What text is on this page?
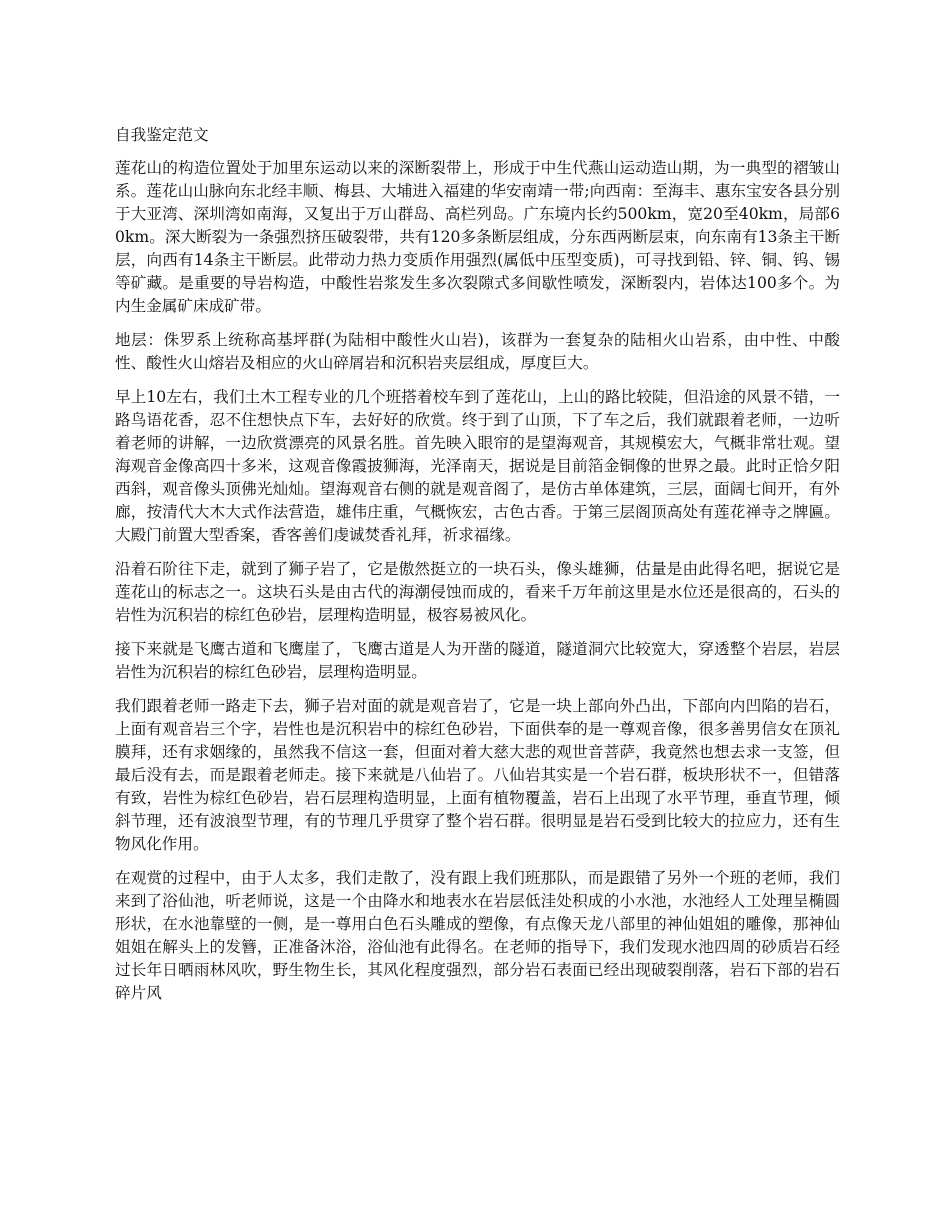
自我鉴定范文

莲花山的构造位置处于加里东运动以来的深断裂带上，形成于中生代燕山运动造山期，为一典型的褶皱山系。莲花山山脉向东北经丰顺、梅县、大埔进入福建的华安南靖一带;向西南：至海丰、惠东宝安各县分别于大亚湾、深圳湾如南海，又复出于万山群岛、高栏列岛。广东境内长约500km，宽20至40km，局部60km。深大断裂为一条强烈挤压破裂带，共有120多条断层组成，分东西两断层束，向东南有13条主干断层，向西有14条主干断层。此带动力热力变质作用强烈(属低中压型变质)，可寻找到铅、锌、铜、钨、锡等矿藏。是重要的导岩构造，中酸性岩浆发生多次裂隙式多间歇性喷发，深断裂内，岩体达100多个。为内生金属矿床成矿带。

地层：侏罗系上统称高基坪群(为陆相中酸性火山岩)，该群为一套复杂的陆相火山岩系，由中性、中酸性、酸性火山熔岩及相应的火山碎屑岩和沉积岩夹层组成，厚度巨大。

早上10左右，我们土木工程专业的几个班搭着校车到了莲花山，上山的路比较陡，但沿途的风景不错，一路鸟语花香，忍不住想快点下车，去好好的欣赏。终于到了山顶，下了车之后，我们就跟着老师，一边听着老师的讲解，一边欣赏漂亮的风景名胜。首先映入眼帘的是望海观音，其规模宏大，气概非常壮观。望海观音金像高四十多米，这观音像霞披狮海，光泽南天，据说是目前箔金铜像的世界之最。此时正恰夕阳西斜，观音像头顶佛光灿灿。望海观音右侧的就是观音阁了，是仿古单体建筑，三层，面阔七间开，有外廊，按清代大木大式作法营造，雄伟庄重，气概恢宏，古色古香。于第三层阁顶高处有莲花禅寺之牌匾。大殿门前置大型香案，香客善们虔诚焚香礼拜，祈求福缘。

沿着石阶往下走，就到了狮子岩了，它是傲然挺立的一块石头，像头雄狮，估量是由此得名吧，据说它是莲花山的标志之一。这块石头是由古代的海潮侵蚀而成的，看来千万年前这里是水位还是很高的，石头的岩性为沉积岩的棕红色砂岩，层理构造明显，极容易被风化。

接下来就是飞鹰古道和飞鹰崖了，飞鹰古道是人为开凿的隧道，隧道洞穴比较宽大，穿透整个岩层，岩层岩性为沉积岩的棕红色砂岩，层理构造明显。

我们跟着老师一路走下去，狮子岩对面的就是观音岩了，它是一块上部向外凸出，下部向内凹陷的岩石，上面有观音岩三个字，岩性也是沉积岩中的棕红色砂岩，下面供奉的是一尊观音像，很多善男信女在顶礼膜拜，还有求姻缘的，虽然我不信这一套，但面对着大慈大悲的观世音菩萨，我竟然也想去求一支签，但最后没有去，而是跟着老师走。接下来就是八仙岩了。八仙岩其实是一个岩石群，板块形状不一，但错落有致，岩性为棕红色砂岩，岩石层理构造明显，上面有植物覆盖，岩石上出现了水平节理，垂直节理，倾斜节理，还有波浪型节理，有的节理几乎贯穿了整个岩石群。很明显是岩石受到比较大的拉应力，还有生物风化作用。

在观赏的过程中，由于人太多，我们走散了，没有跟上我们班那队，而是跟错了另外一个班的老师，我们来到了浴仙池，听老师说，这是一个由降水和地表水在岩层低洼处积成的小水池，水池经人工处理呈椭圆形状，在水池靠壁的一侧，是一尊用白色石头雕成的塑像，有点像天龙八部里的神仙姐姐的雕像，那神仙姐姐在解头上的发簪，正准备沐浴，浴仙池有此得名。在老师的指导下，我们发现水池四周的砂质岩石经过长年日晒雨林风吹，野生物生长，其风化程度强烈，部分岩石表面已经出现破裂削落，岩石下部的岩石碎片风
